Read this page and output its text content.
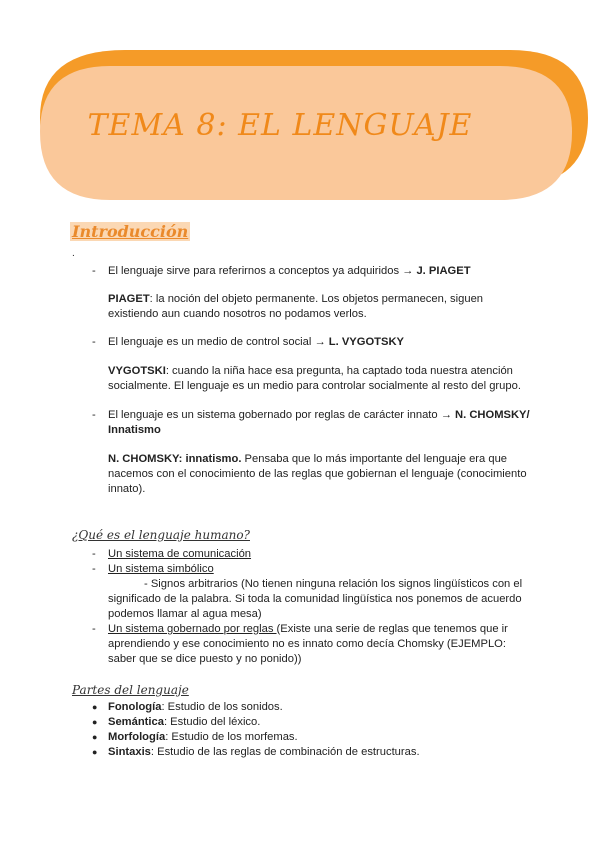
TEMA 8: EL LENGUAJE
Introducción
.
- El lenguaje sirve para referirnos a conceptos ya adquiridos → J. PIAGET

PIAGET: la noción del objeto permanente. Los objetos permanecen, siguen

existiendo aun cuando nosotros no podamos verlos.

- El lenguaje es un medio de control social → L. VYGOTSKY

VYGOTSKI: cuando la niña hace esa pregunta, ha captado toda nuestra atención

socialmente. El lenguaje es un medio para controlar socialmente al resto del grupo.

- El lenguaje es un sistema gobernado por reglas de carácter innato → N. CHOMSKY/

Innatismo

N. CHOMSKY: innatismo. Pensaba que lo más importante del lenguaje era que

nacemos con el conocimiento de las reglas que gobiernan el lenguaje (conocimiento

innato).

¿Qué es el lenguaje humano?
- Un sistema de comunicación

- Un sistema simbólico

- Signos arbitrarios (No tienen ninguna relación los signos lingüísticos con el

significado de la palabra. Si toda la comunidad lingüística nos ponemos de acuerdo

podemos llamar al agua mesa)

- Un sistema gobernado por reglas (Existe una serie de reglas que tenemos que ir

aprendiendo y ese conocimiento no es innato como decía Chomsky (EJEMPLO:

saber que se dice puesto y no ponido))

Partes del lenguaje
● Fonología: Estudio de los sonidos.

● Semántica: Estudio del léxico.

● Morfología: Estudio de los morfemas.

● Sintaxis: Estudio de las reglas de combinación de estructuras.
